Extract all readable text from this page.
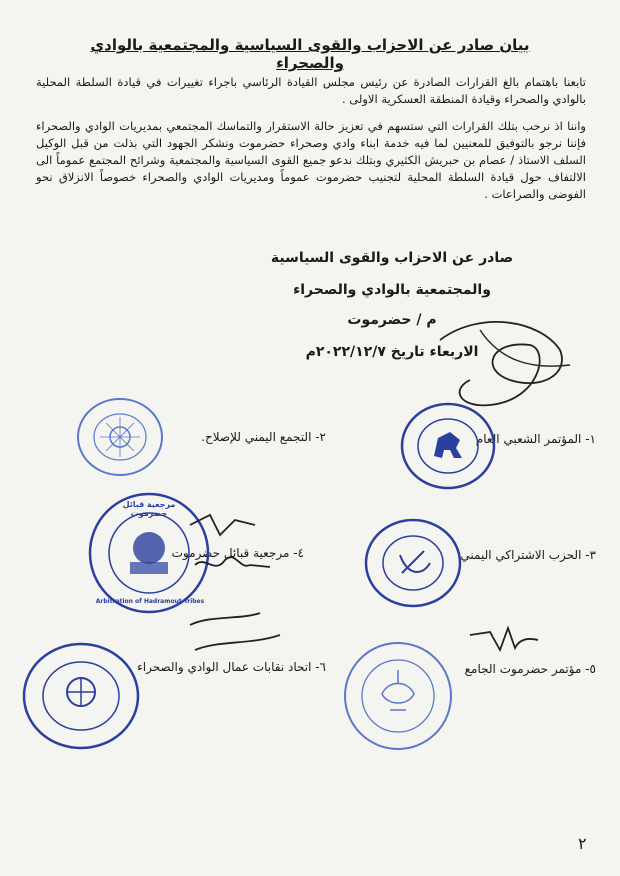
بيان صادر عن الاحزاب والقوى السياسية والمجتمعية بالوادي والصحراء
تابعنا باهتمام بالغ القرارات الصادرة عن رئيس مجلس القيادة الرئاسي باجراء تغييرات في قيادة السلطة المحلية بالوادي والصحراء وقيادة المنطقة العسكرية الاولى .
واننا اذ نرحب بتلك القرارات التي ستسهم في تعزيز حالة الاستقرار والتماسك المجتمعي بمديريات الوادي والصحراء فإننا نرجو بالتوفيق للمعنيين لما فيه خدمة ابناء وادي وصحراء حضرموت ونشكر الجهود التي بذلت من قبل الوكيل السلف الاستاذ / عصام بن حبريش الكثيري وبتلك ندعو جميع القوى السياسية والمجتمعية وشرائح المجتمع عموماً الى الالتفاف حول قيادة السلطة المحلية لتجنيب حضرموت عموماً ومديريات الوادي والصحراء خصوصاً الانزلاق نحو الفوضى والصراعات .
صادر عن الاحزاب والقوى السياسية
والمجتمعية بالوادي والصحراء
م / حضرموت
الاربعاء تاريخ ٢٠٢٢/١٢/٧م
١- المؤتمر الشعبي العام
٢- التجمع اليمني للإصلاح.
٣- الحزب الاشتراكي اليمني
٤- مرجعية قبائل حضرموت
مرجعية قبائل حضرموت
Arbitration of Hadramout Tribes
٥- مؤتمر حضرموت الجامع
٦- اتحاد نقابات عمال الوادي والصحراء
٢
